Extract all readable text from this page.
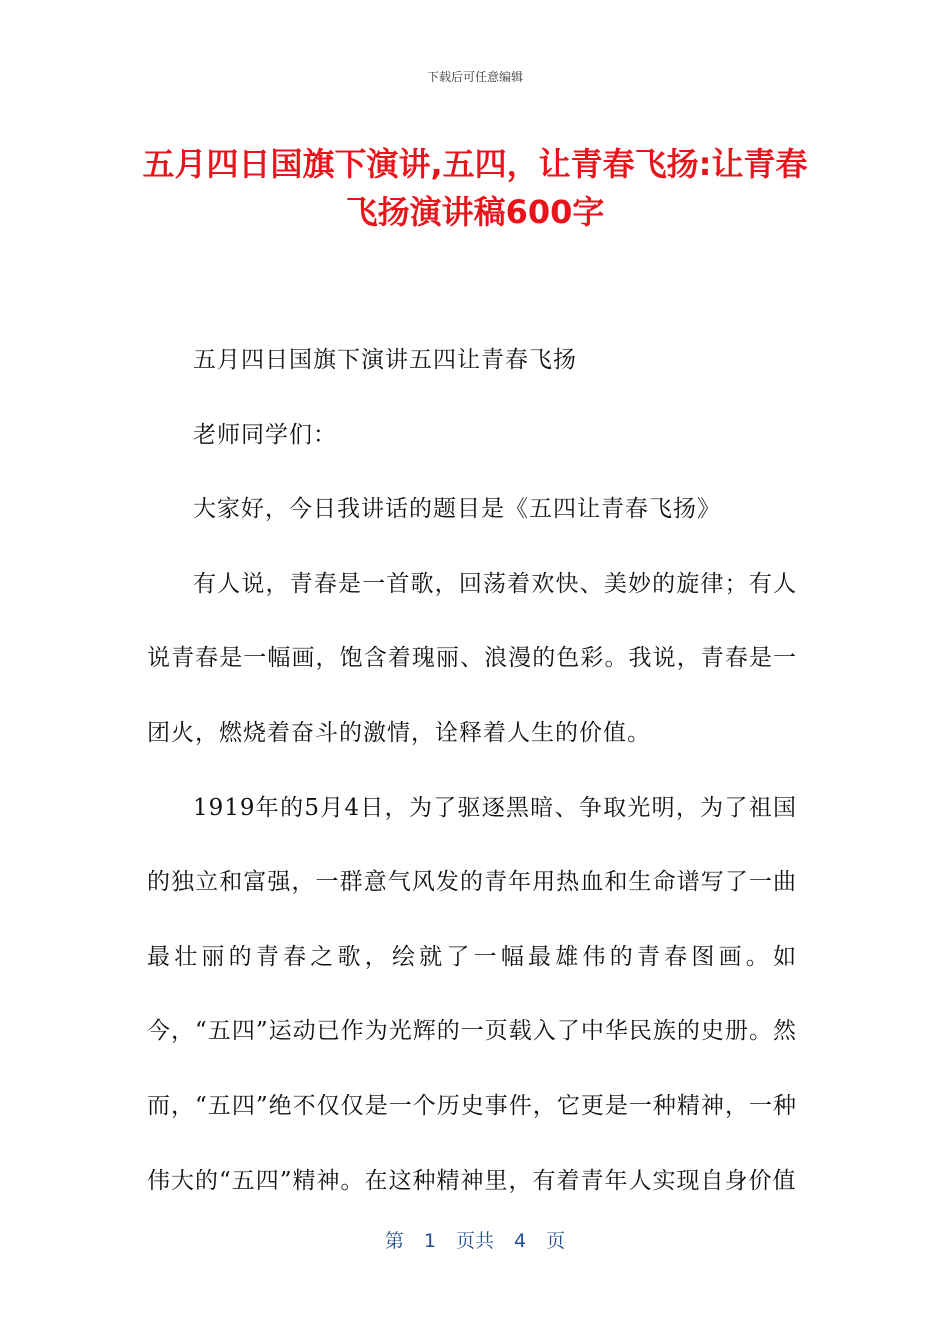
下载后可任意编辑
五月四日国旗下演讲,五四，让青春飞扬:让青春飞扬演讲稿600字

五月四日国旗下演讲五四让青春飞扬

老师同学们：

大家好，今日我讲话的题目是《五四让青春飞扬》

有人说，青春是一首歌，回荡着欢快、美妙的旋律；有人说青春是一幅画，饱含着瑰丽、浪漫的色彩。我说，青春是一团火，燃烧着奋斗的激情，诠释着人生的价值。

1919年的5月4日，为了驱逐黑暗、争取光明，为了祖国的独立和富强，一群意气风发的青年用热血和生命谱写了一曲最壮丽的青春之歌，绘就了一幅最雄伟的青春图画。如今，“五四”运动已作为光辉的一页载入了中华民族的史册。然而，“五四”绝不仅仅是一个历史事件，它更是一种精神，一种伟大的“五四”精神。在这种精神里，有着青年人实现自身价值

第 1 页共 4 页
